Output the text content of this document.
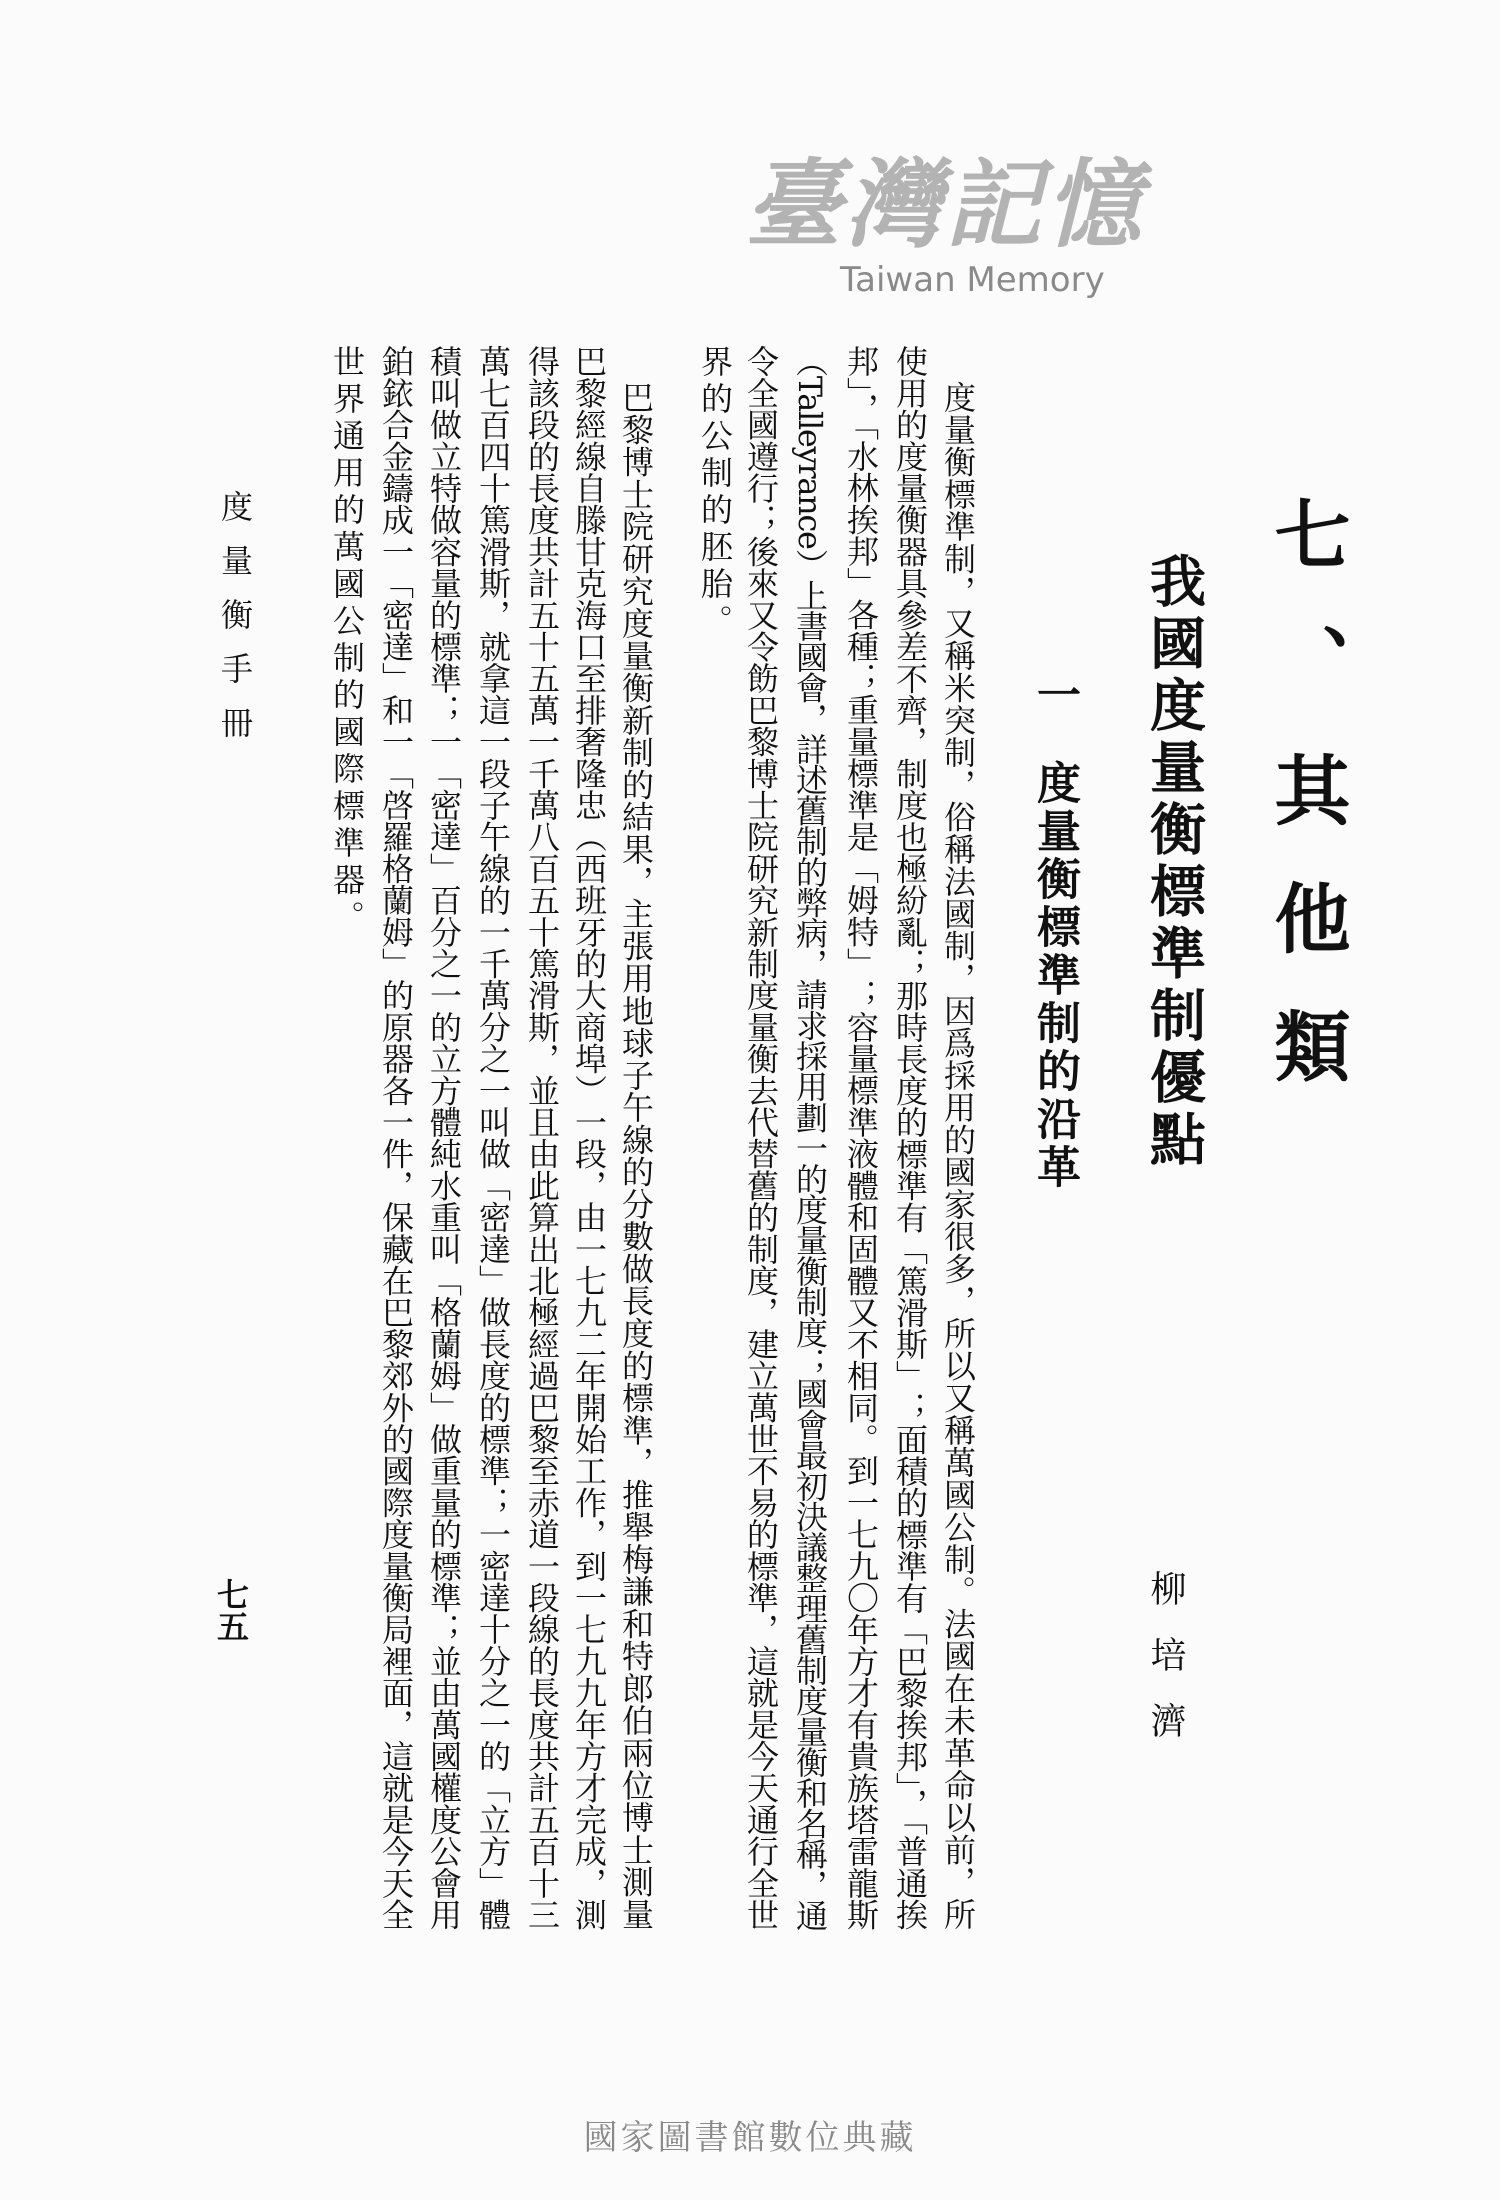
臺灣記憶
Taiwan Memory
七、其他類
我國度量衡標準制優點
柳培濟
一度量衡標準制的沿革
度量衡標準制，又稱米突制，俗稱法國制，因爲採用的國家很多，所以又稱萬國公制。法國在未革命以前，所
使用的度量衡器具參差不齊，制度也極紛亂；那時長度的標準有「篤滑斯」；面積的標準有「巴黎挨邦」，「普通挨
邦」，「水林挨邦」各種；重量標準是「姆特」；容量標準液體和固體又不相同。到一七九〇年方才有貴族塔雷龍斯
（Talleyrance）上書國會，詳述舊制的弊病，請求採用劃一的度量衡制度；國會最初決議整理舊制度量衡和名稱，通
令全國遵行；後來又令飭巴黎博士院研究新制度量衡去代替舊的制度，建立萬世不易的標準，這就是今天通行全世
界的公制的胚胎。
巴黎博士院研究度量衡新制的結果，主張用地球子午線的分數做長度的標準，推舉梅謙和特郎伯兩位博士測量
巴黎經線自滕甘克海口至排奢隆忠（西班牙的大商埠）一段，由一七九二年開始工作，到一七九九年方才完成，測
得該段的長度共計五十五萬一千萬八百五十篤滑斯，並且由此算出北極經過巴黎至赤道一段線的長度共計五百十三
萬七百四十篤滑斯，就拿這一段子午線的一千萬分之一叫做「密達」做長度的標準；一密達十分之一的「立方」體
積叫做立特做容量的標準；一「密達」百分之一的立方體純水重叫「格蘭姆」做重量的標準；並由萬國權度公會用
鉑銥合金鑄成一「密達」和一「啓羅格蘭姆」的原器各一件，保藏在巴黎郊外的國際度量衡局裡面，這就是今天全
世界通用的萬國公制的國際標準器。
度量衡手冊
七五
國家圖書館數位典藏
